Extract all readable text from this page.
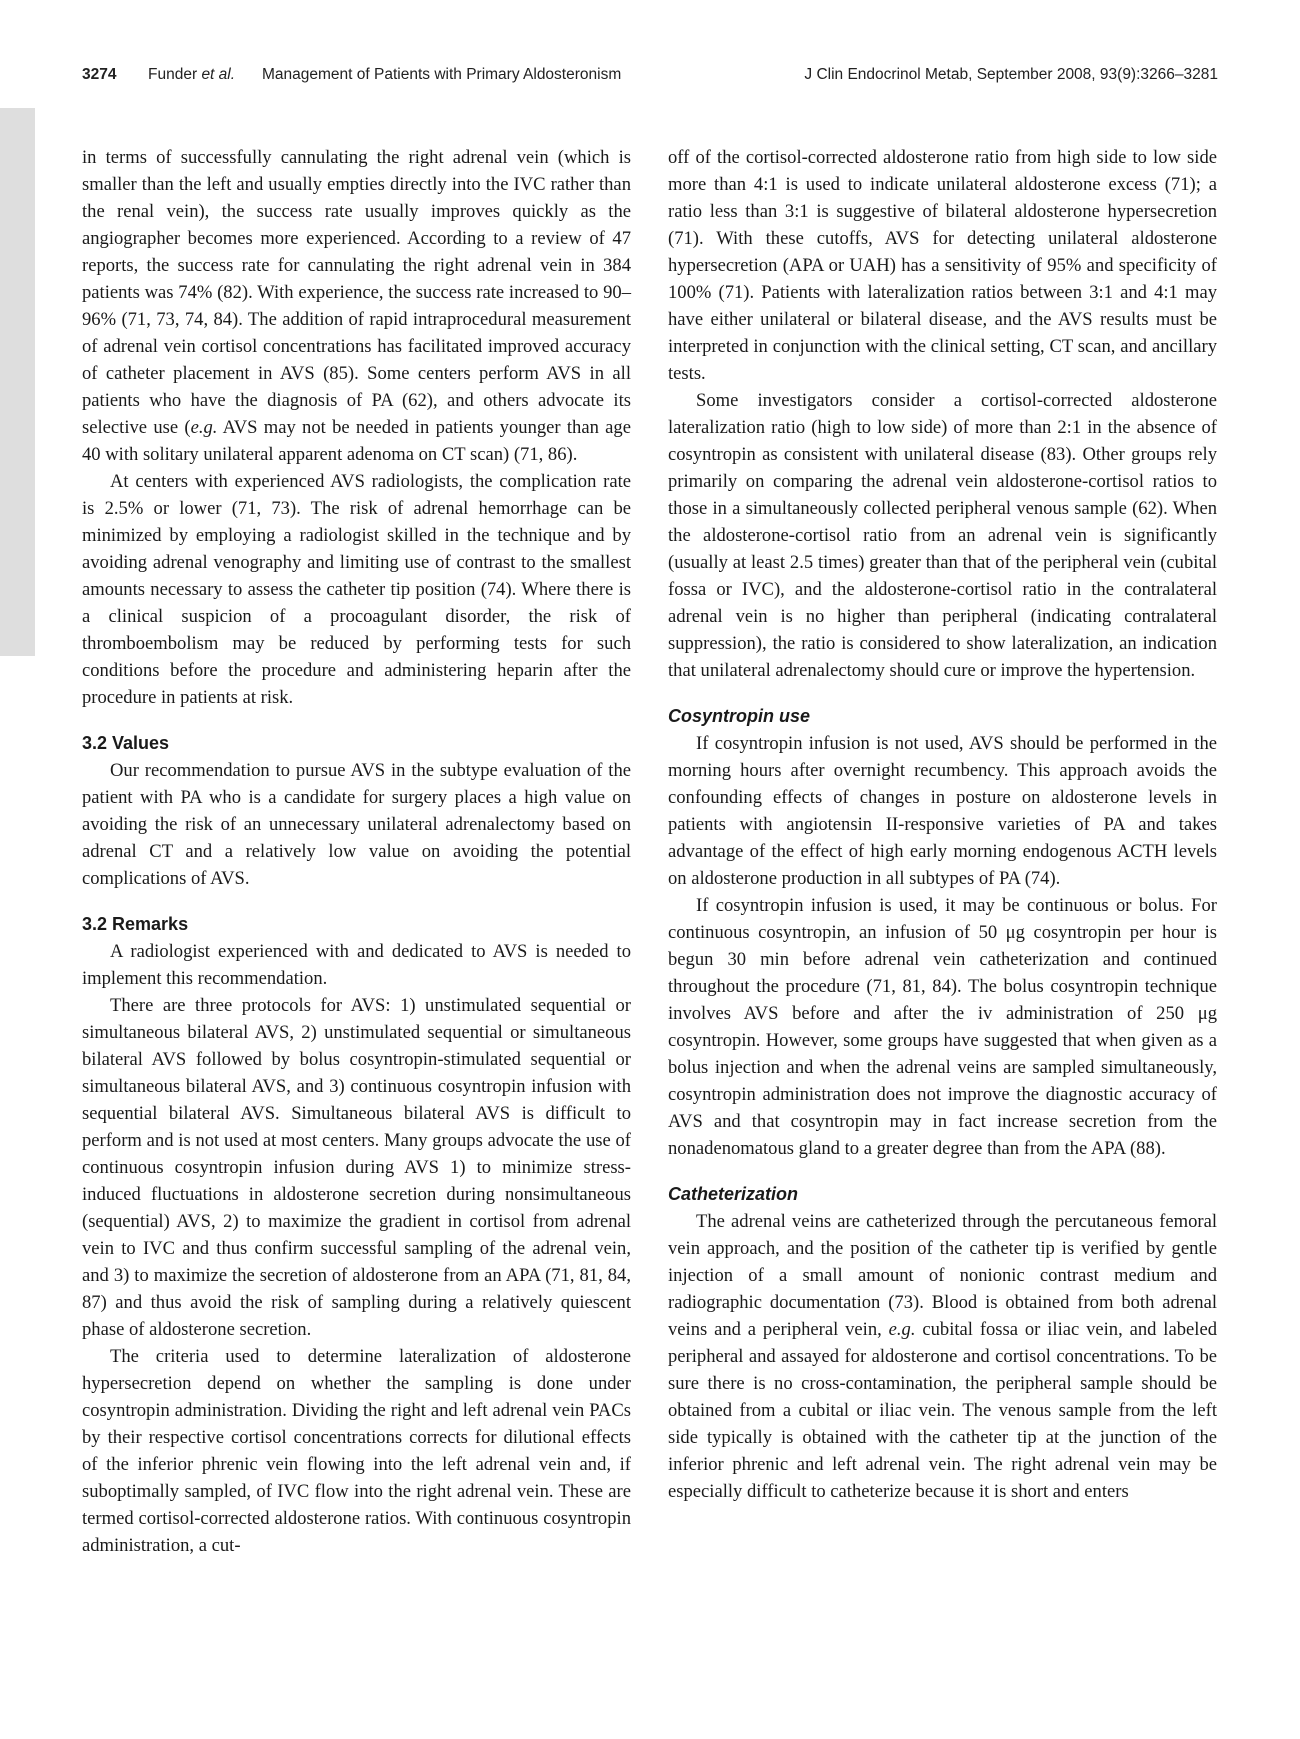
3274 Funder et al. Management of Patients with Primary Aldosteronism	J Clin Endocrinol Metab, September 2008, 93(9):3266–3281

in terms of successfully cannulating the right adrenal vein (which is smaller than the left and usually empties directly into the IVC rather than the renal vein), the success rate usually improves quickly as the angiographer becomes more experienced. According to a review of 47 reports, the success rate for cannulating the right adrenal vein in 384 patients was 74% (82). With experience, the success rate increased to 90–96% (71, 73, 74, 84). The addition of rapid intraprocedural measurement of adrenal vein cortisol concentrations has facilitated improved accuracy of catheter placement in AVS (85). Some centers perform AVS in all patients who have the diagnosis of PA (62), and others advocate its selective use (e.g. AVS may not be needed in patients younger than age 40 with solitary unilateral apparent adenoma on CT scan) (71, 86).

At centers with experienced AVS radiologists, the complication rate is 2.5% or lower (71, 73). The risk of adrenal hemorrhage can be minimized by employing a radiologist skilled in the technique and by avoiding adrenal venography and limiting use of contrast to the smallest amounts necessary to assess the catheter tip position (74). Where there is a clinical suspicion of a procoagulant disorder, the risk of thromboembolism may be reduced by performing tests for such conditions before the procedure and administering heparin after the procedure in patients at risk.

3.2 Values

Our recommendation to pursue AVS in the subtype evaluation of the patient with PA who is a candidate for surgery places a high value on avoiding the risk of an unnecessary unilateral adrenalectomy based on adrenal CT and a relatively low value on avoiding the potential complications of AVS.

3.2 Remarks

A radiologist experienced with and dedicated to AVS is needed to implement this recommendation.

There are three protocols for AVS: 1) unstimulated sequential or simultaneous bilateral AVS, 2) unstimulated sequential or simultaneous bilateral AVS followed by bolus cosyntropin-stimulated sequential or simultaneous bilateral AVS, and 3) continuous cosyntropin infusion with sequential bilateral AVS. Simultaneous bilateral AVS is difficult to perform and is not used at most centers. Many groups advocate the use of continuous cosyntropin infusion during AVS 1) to minimize stress-induced fluctuations in aldosterone secretion during nonsimultaneous (sequential) AVS, 2) to maximize the gradient in cortisol from adrenal vein to IVC and thus confirm successful sampling of the adrenal vein, and 3) to maximize the secretion of aldosterone from an APA (71, 81, 84, 87) and thus avoid the risk of sampling during a relatively quiescent phase of aldosterone secretion.

The criteria used to determine lateralization of aldosterone hypersecretion depend on whether the sampling is done under cosyntropin administration. Dividing the right and left adrenal vein PACs by their respective cortisol concentrations corrects for dilutional effects of the inferior phrenic vein flowing into the left adrenal vein and, if suboptimally sampled, of IVC flow into the right adrenal vein. These are termed cortisol-corrected aldosterone ratios. With continuous cosyntropin administration, a cut-

off of the cortisol-corrected aldosterone ratio from high side to low side more than 4:1 is used to indicate unilateral aldosterone excess (71); a ratio less than 3:1 is suggestive of bilateral aldosterone hypersecretion (71). With these cutoffs, AVS for detecting unilateral aldosterone hypersecretion (APA or UAH) has a sensitivity of 95% and specificity of 100% (71). Patients with lateralization ratios between 3:1 and 4:1 may have either unilateral or bilateral disease, and the AVS results must be interpreted in conjunction with the clinical setting, CT scan, and ancillary tests.

Some investigators consider a cortisol-corrected aldosterone lateralization ratio (high to low side) of more than 2:1 in the absence of cosyntropin as consistent with unilateral disease (83). Other groups rely primarily on comparing the adrenal vein aldosterone-cortisol ratios to those in a simultaneously collected peripheral venous sample (62). When the aldosterone-cortisol ratio from an adrenal vein is significantly (usually at least 2.5 times) greater than that of the peripheral vein (cubital fossa or IVC), and the aldosterone-cortisol ratio in the contralateral adrenal vein is no higher than peripheral (indicating contralateral suppression), the ratio is considered to show lateralization, an indication that unilateral adrenalectomy should cure or improve the hypertension.

Cosyntropin use

If cosyntropin infusion is not used, AVS should be performed in the morning hours after overnight recumbency. This approach avoids the confounding effects of changes in posture on aldosterone levels in patients with angiotensin II-responsive varieties of PA and takes advantage of the effect of high early morning endogenous ACTH levels on aldosterone production in all subtypes of PA (74).

If cosyntropin infusion is used, it may be continuous or bolus. For continuous cosyntropin, an infusion of 50 μg cosyntropin per hour is begun 30 min before adrenal vein catheterization and continued throughout the procedure (71, 81, 84). The bolus cosyntropin technique involves AVS before and after the iv administration of 250 μg cosyntropin. However, some groups have suggested that when given as a bolus injection and when the adrenal veins are sampled simultaneously, cosyntropin administration does not improve the diagnostic accuracy of AVS and that cosyntropin may in fact increase secretion from the nonadenomatous gland to a greater degree than from the APA (88).

Catheterization

The adrenal veins are catheterized through the percutaneous femoral vein approach, and the position of the catheter tip is verified by gentle injection of a small amount of nonionic contrast medium and radiographic documentation (73). Blood is obtained from both adrenal veins and a peripheral vein, e.g. cubital fossa or iliac vein, and labeled peripheral and assayed for aldosterone and cortisol concentrations. To be sure there is no cross-contamination, the peripheral sample should be obtained from a cubital or iliac vein. The venous sample from the left side typically is obtained with the catheter tip at the junction of the inferior phrenic and left adrenal vein. The right adrenal vein may be especially difficult to catheterize because it is short and enters
